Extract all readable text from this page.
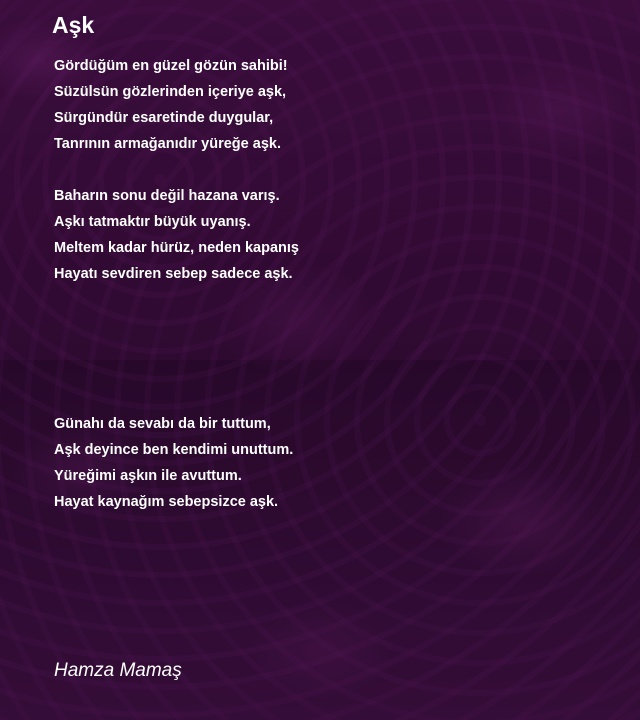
Aşk
Gördüğüm en güzel gözün sahibi!
Süzülsün gözlerinden içeriye aşk,
Sürgündür esaretinde duygular,
Tanrının armağanıdır yüreğe aşk.
Baharın sonu değil hazana varış.
Aşkı tatmaktır büyük uyanış.
Meltem kadar hürüz, neden kapanış
Hayatı sevdiren sebep sadece aşk.
Günahı da sevabı da bir tuttum,
Aşk deyince ben kendimi unuttum.
Yüreğimi aşkın ile avuttum.
Hayat kaynağım sebepsizce aşk.
Hamza Mamaş
